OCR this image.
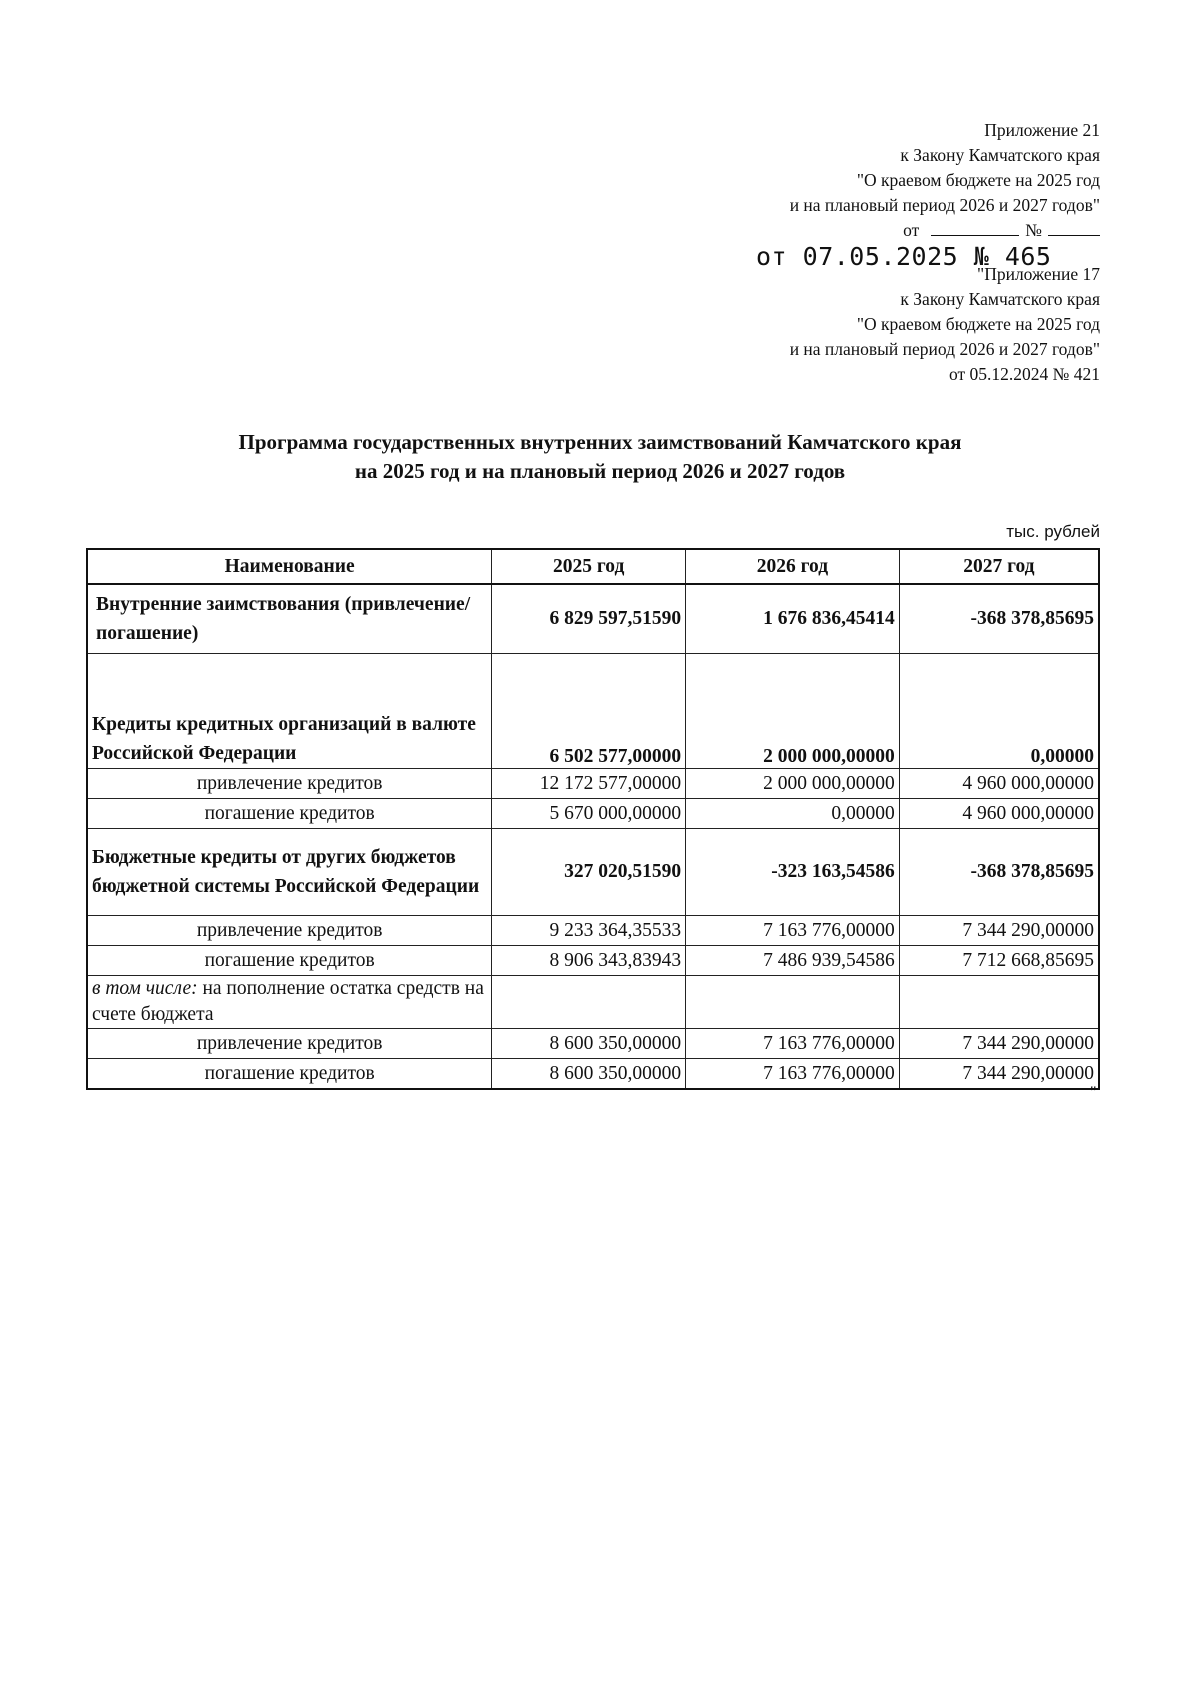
Приложение 21
к Закону Камчатского края
"О краевом бюджете на 2025 год
и на плановый период 2026 и 2027 годов"
от	№
от 07.05.2025 № 465
"Приложение 17
к Закону Камчатского края
"О краевом бюджете на 2025 год
и на плановый период 2026 и 2027 годов"
от 05.12.2024 № 421
Программа государственных внутренних заимствований Камчатского края
на 2025 год и на плановый период 2026 и 2027 годов
тыс. рублей
Наименование	2025 год	2026 год	2027 год
Внутренние заимствования (привлечение/погашение)	6 829 597,51590	1 676 836,45414	-368 378,85695
Кредиты кредитных организаций в валюте Российской Федерации	6 502 577,00000	2 000 000,00000	0,00000
привлечение кредитов	12 172 577,00000	2 000 000,00000	4 960 000,00000
погашение кредитов	5 670 000,00000	0,00000	4 960 000,00000
Бюджетные кредиты от других бюджетов бюджетной системы Российской Федерации	327 020,51590	-323 163,54586	-368 378,85695
привлечение кредитов	9 233 364,35533	7 163 776,00000	7 344 290,00000
погашение кредитов	8 906 343,83943	7 486 939,54586	7 712 668,85695
в том числе: на пополнение остатка средств на счете бюджета			
привлечение кредитов	8 600 350,00000	7 163 776,00000	7 344 290,00000
погашение кредитов	8 600 350,00000	7 163 776,00000	7 344 290,00000
"
